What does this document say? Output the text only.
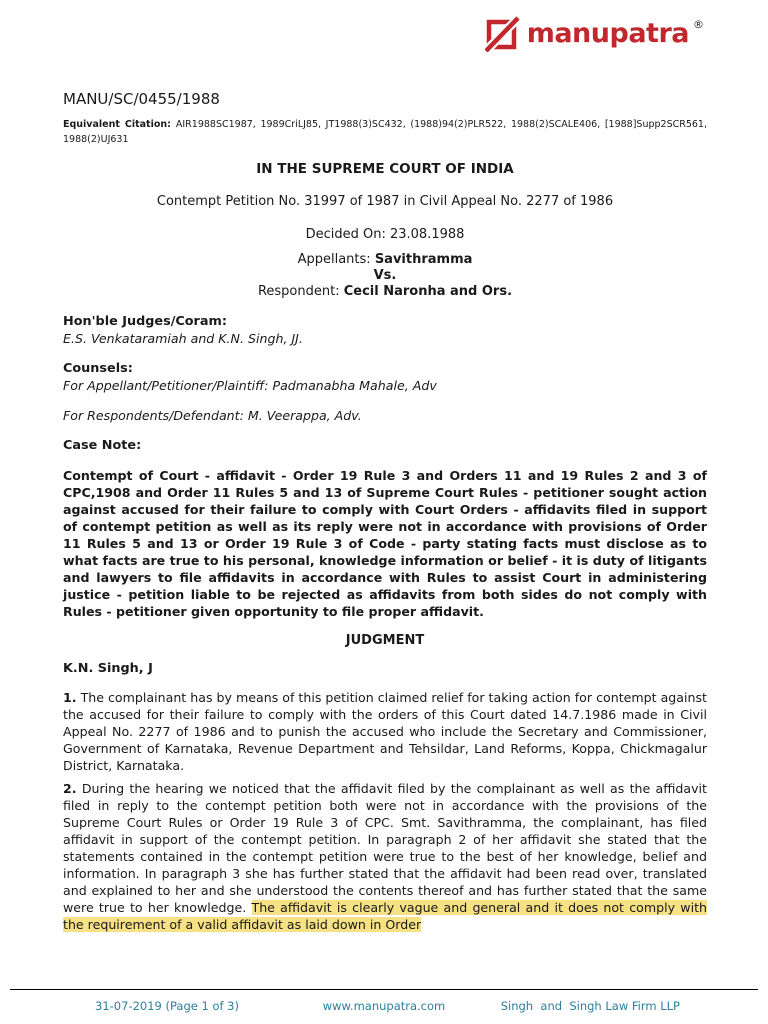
manupatra ®
MANU/SC/0455/1988
Equivalent Citation: AIR1988SC1987, 1989CriLJ85, JT1988(3)SC432, (1988)94(2)PLR522, 1988(2)SCALE406, [1988]Supp2SCR561, 1988(2)UJ631
IN THE SUPREME COURT OF INDIA
Contempt Petition No. 31997 of 1987 in Civil Appeal No. 2277 of 1986
Decided On: 23.08.1988
Appellants: Savithramma
Vs.
Respondent: Cecil Naronha and Ors.
Hon'ble Judges/Coram:
E.S. Venkataramiah and K.N. Singh, JJ.
Counsels:
For Appellant/Petitioner/Plaintiff: Padmanabha Mahale, Adv
For Respondents/Defendant: M. Veerappa, Adv.
Case Note:
Contempt of Court - affidavit - Order 19 Rule 3 and Orders 11 and 19 Rules 2 and 3 of CPC,1908 and Order 11 Rules 5 and 13 of Supreme Court Rules - petitioner sought action against accused for their failure to comply with Court Orders - affidavits filed in support of contempt petition as well as its reply were not in accordance with provisions of Order 11 Rules 5 and 13 or Order 19 Rule 3 of Code - party stating facts must disclose as to what facts are true to his personal, knowledge information or belief - it is duty of litigants and lawyers to file affidavits in accordance with Rules to assist Court in administering justice - petition liable to be rejected as affidavits from both sides do not comply with Rules - petitioner given opportunity to file proper affidavit.
JUDGMENT
K.N. Singh, J

1. The complainant has by means of this petition claimed relief for taking action for contempt against the accused for their failure to comply with the orders of this Court dated 14.7.1986 made in Civil Appeal No. 2277 of 1986 and to punish the accused who include the Secretary and Commissioner, Government of Karnataka, Revenue Department and Tehsildar, Land Reforms, Koppa, Chickmagalur District, Karnataka.

2. During the hearing we noticed that the affidavit filed by the complainant as well as the affidavit filed in reply to the contempt petition both were not in accordance with the provisions of the Supreme Court Rules or Order 19 Rule 3 of CPC. Smt. Savithramma, the complainant, has filed affidavit in support of the contempt petition. In paragraph 2 of her affidavit she stated that the statements contained in the contempt petition were true to the best of her knowledge, belief and information. In paragraph 3 she has further stated that the affidavit had been read over, translated and explained to her and she understood the contents thereof and has further stated that the same were true to her knowledge. The affidavit is clearly vague and general and it does not comply with the requirement of a valid affidavit as laid down in Order

31-07-2019 (Page 1 of 3)	www.manupatra.com	Singh  and  Singh Law Firm LLP
